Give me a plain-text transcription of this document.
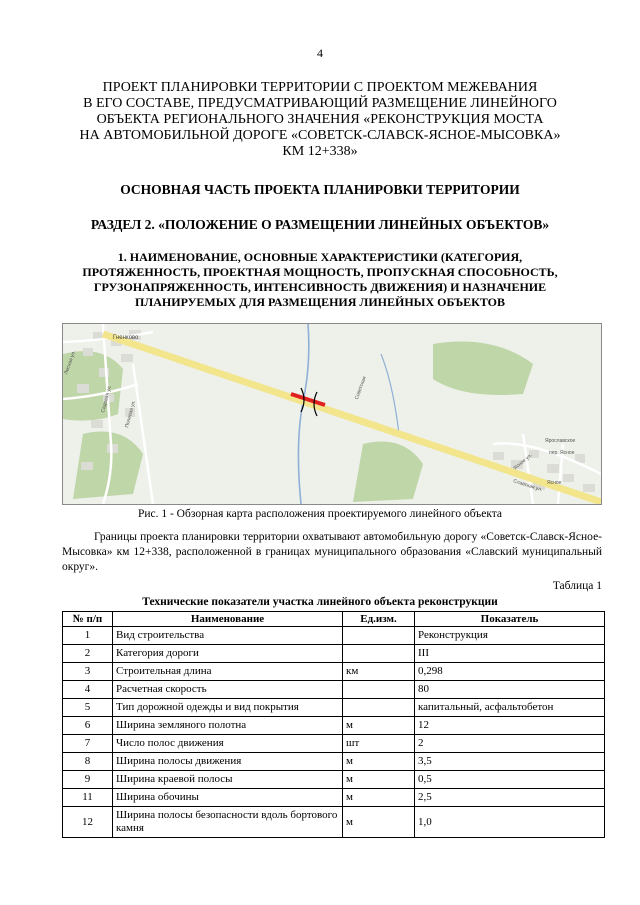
4
ПРОЕКТ ПЛАНИРОВКИ ТЕРРИТОРИИ С ПРОЕКТОМ МЕЖЕВАНИЯ
В ЕГО СОСТАВЕ, ПРЕДУСМАТРИВАЮЩИЙ РАЗМЕЩЕНИЕ ЛИНЕЙНОГО
ОБЪЕКТА РЕГИОНАЛЬНОГО ЗНАЧЕНИЯ «РЕКОНСТРУКЦИЯ МОСТА
НА АВТОМОБИЛЬНОЙ ДОРОГЕ «СОВЕТСК-СЛАВСК-ЯСНОЕ-МЫСОВКА»
КМ 12+338»
ОСНОВНАЯ ЧАСТЬ ПРОЕКТА ПЛАНИРОВКИ ТЕРРИТОРИИ
РАЗДЕЛ 2. «ПОЛОЖЕНИЕ О РАЗМЕЩЕНИИ ЛИНЕЙНЫХ ОБЪЕКТОВ»
1. НАИМЕНОВАНИЕ, ОСНОВНЫЕ ХАРАКТЕРИСТИКИ (КАТЕГОРИЯ,
ПРОТЯЖЕННОСТЬ, ПРОЕКТНАЯ МОЩНОСТЬ, ПРОПУСКНАЯ СПОСОБНОСТЬ,
ГРУЗОНАПРЯЖЕННОСТЬ, ИНТЕНСИВНОСТЬ ДВИЖЕНИЯ) И НАЗНАЧЕНИЕ
ПЛАНИРУЕМЫХ ДЛЯ РАЗМЕЩЕНИЯ ЛИНЕЙНЫХ ОБЪЕКТОВ
Гненково
Лесная ул.
Садовая ул.
Полевая ул.
Советская
Славская ул.
Ясное ул.
Ярославское
пер. Ясное
Ясное
Рис. 1 - Обзорная карта расположения проектируемого линейного объекта
Границы проекта планировки территории охватывают автомобильную дорогу «Советск-Славск-Ясное-Мысовка» км 12+338, расположенной в границах муниципального образования «Славский муниципальный округ».
Таблица 1
Технические показатели участка линейного объекта реконструкции
№ п/п	Наименование	Ед.изм.	Показатель
1	Вид строительства		Реконструкция
2	Категория дороги		III
3	Строительная длина	км	0,298
4	Расчетная скорость		80
5	Тип дорожной одежды и вид покрытия		капитальный, асфальтобетон
6	Ширина земляного полотна	м	12
7	Число полос движения	шт	2
8	Ширина полосы движения	м	3,5
9	Ширина краевой полосы	м	0,5
11	Ширина обочины	м	2,5
12	Ширина полосы безопасности вдоль бортового камня	м	1,0
